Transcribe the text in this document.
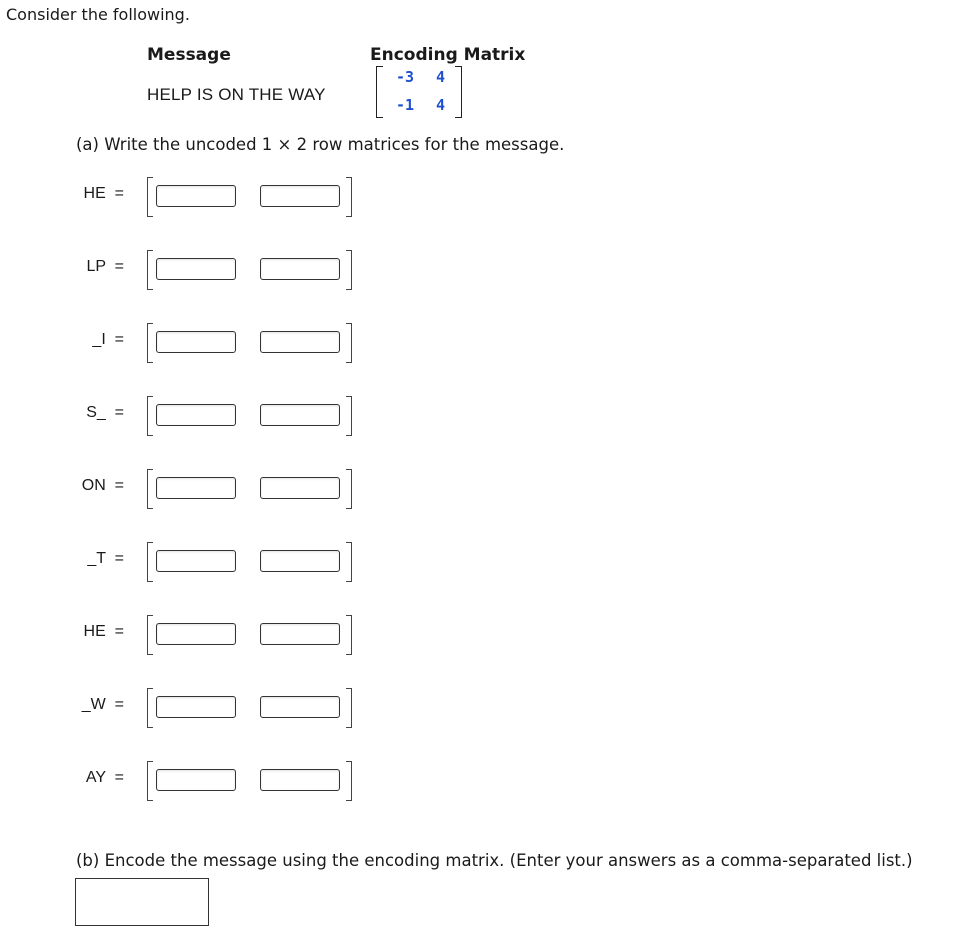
Consider the following.
Message	Encoding Matrix
HELP IS ON THE WAY
-3 4
-1 4
(a) Write the uncoded 1 × 2 row matrices for the message.
HE  =
LP  =
_I  =
S_  =
ON  =
_T  =
HE  =
_W  =
AY  =
(b) Encode the message using the encoding matrix. (Enter your answers as a comma-separated list.)
